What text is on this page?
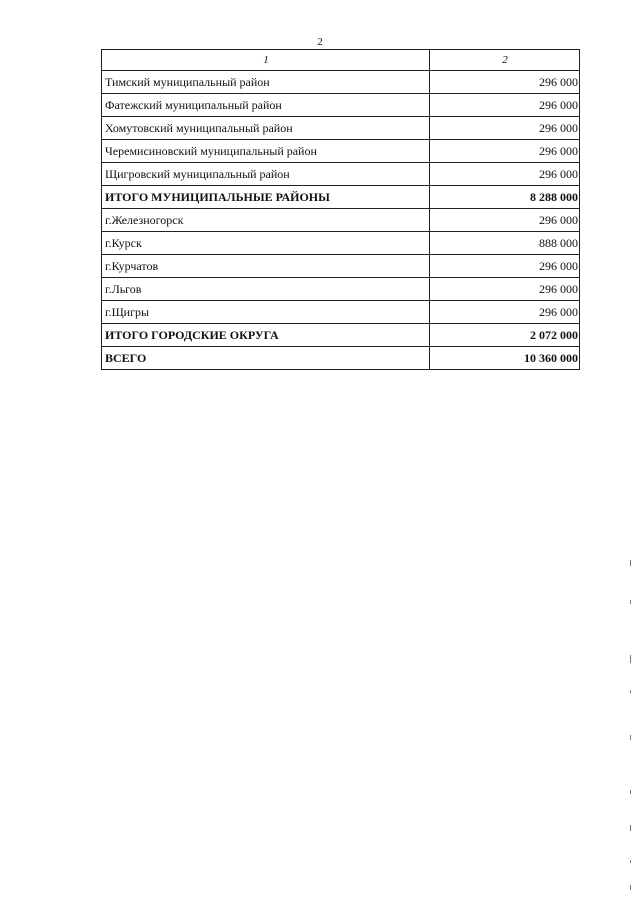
2
1	2
Тимский муниципальный район	296 000
Фатежский муниципальный район	296 000
Хомутовский муниципальный район	296 000
Черемисиновский муниципальный район	296 000
Щигровский муниципальный район	296 000
ИТОГО МУНИЦИПАЛЬНЫЕ РАЙОНЫ	8 288 000
г.Железногорск	296 000
г.Курск	888 000
г.Курчатов	296 000
г.Льгов	296 000
г.Щигры	296 000
ИТОГО ГОРОДСКИЕ ОКРУГА	2 072 000
ВСЕГО	10 360 000
